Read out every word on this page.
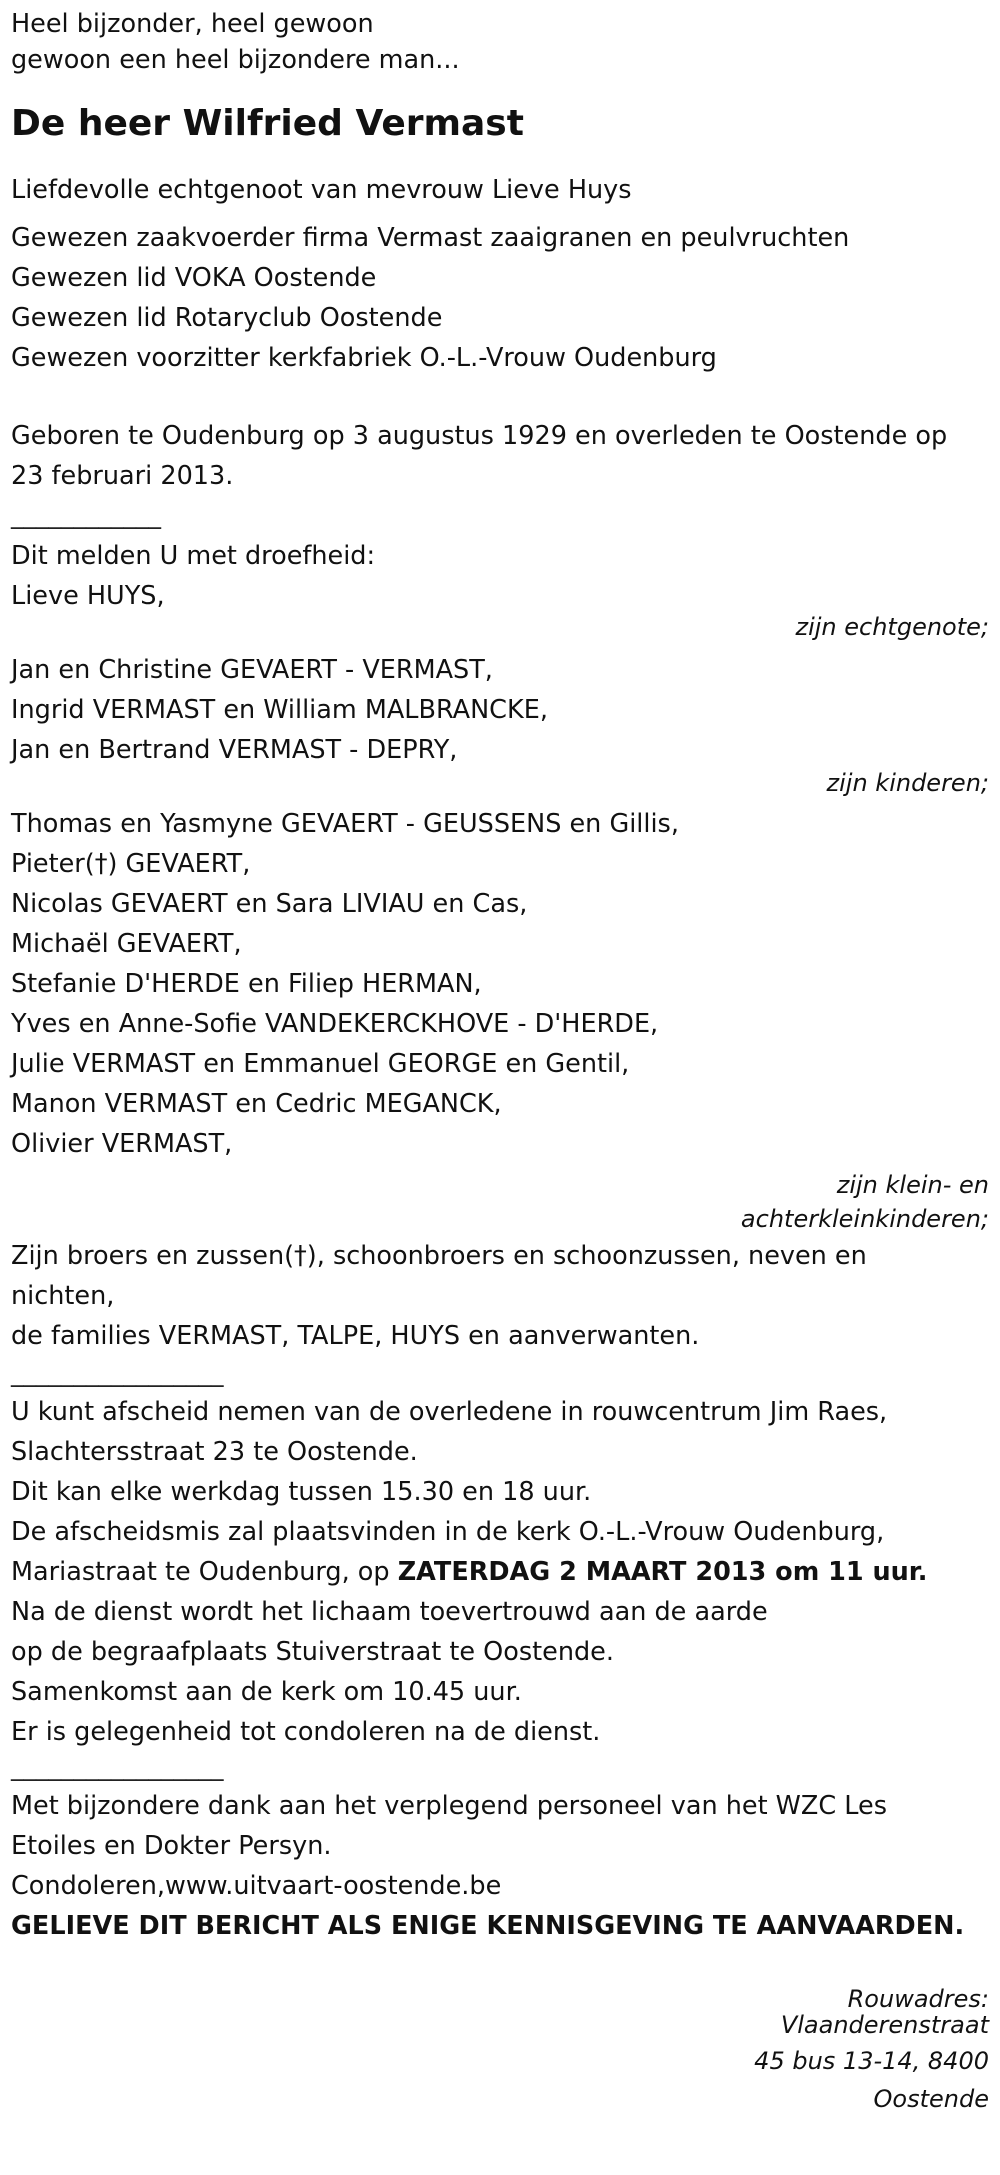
Heel bijzonder, heel gewoon
gewoon een heel bijzondere man...
De heer Wilfried Vermast
Liefdevolle echtgenoot van mevrouw Lieve Huys
Gewezen zaakvoerder firma Vermast zaaigranen en peulvruchten
Gewezen lid VOKA Oostende
Gewezen lid Rotaryclub Oostende
Gewezen voorzitter kerkfabriek O.-L.-Vrouw Oudenburg
Geboren te Oudenburg op 3 augustus 1929 en overleden te Oostende op
23 februari 2013.
____________
Dit melden U met droefheid:
Lieve HUYS,
zijn echtgenote;
Jan en Christine GEVAERT - VERMAST,
Ingrid VERMAST en William MALBRANCKE,
Jan en Bertrand VERMAST - DEPRY,
zijn kinderen;
Thomas en Yasmyne GEVAERT - GEUSSENS en Gillis,
Pieter(†) GEVAERT,
Nicolas GEVAERT en Sara LIVIAU en Cas,
Michaël GEVAERT,
Stefanie D'HERDE en Filiep HERMAN,
Yves en Anne-Sofie VANDEKERCKHOVE - D'HERDE,
Julie VERMAST en Emmanuel GEORGE en Gentil,
Manon VERMAST en Cedric MEGANCK,
Olivier VERMAST,
zijn klein- en
achterkleinkinderen;
Zijn broers en zussen(†), schoonbroers en schoonzussen, neven en
nichten,
de families VERMAST, TALPE, HUYS en aanverwanten.
_________________
U kunt afscheid nemen van de overledene in rouwcentrum Jim Raes,
Slachtersstraat 23 te Oostende.
Dit kan elke werkdag tussen 15.30 en 18 uur.
De afscheidsmis zal plaatsvinden in de kerk O.-L.-Vrouw Oudenburg,
Mariastraat te Oudenburg, op ZATERDAG 2 MAART 2013 om 11 uur.
Na de dienst wordt het lichaam toevertrouwd aan de aarde
op de begraafplaats Stuiverstraat te Oostende.
Samenkomst aan de kerk om 10.45 uur.
Er is gelegenheid tot condoleren na de dienst.
_________________
Met bijzondere dank aan het verplegend personeel van het WZC Les
Etoiles en Dokter Persyn.
Condoleren,www.uitvaart-oostende.be
GELIEVE DIT BERICHT ALS ENIGE KENNISGEVING TE AANVAARDEN.
Rouwadres:
Vlaanderenstraat
45 bus 13-14, 8400
Oostende
